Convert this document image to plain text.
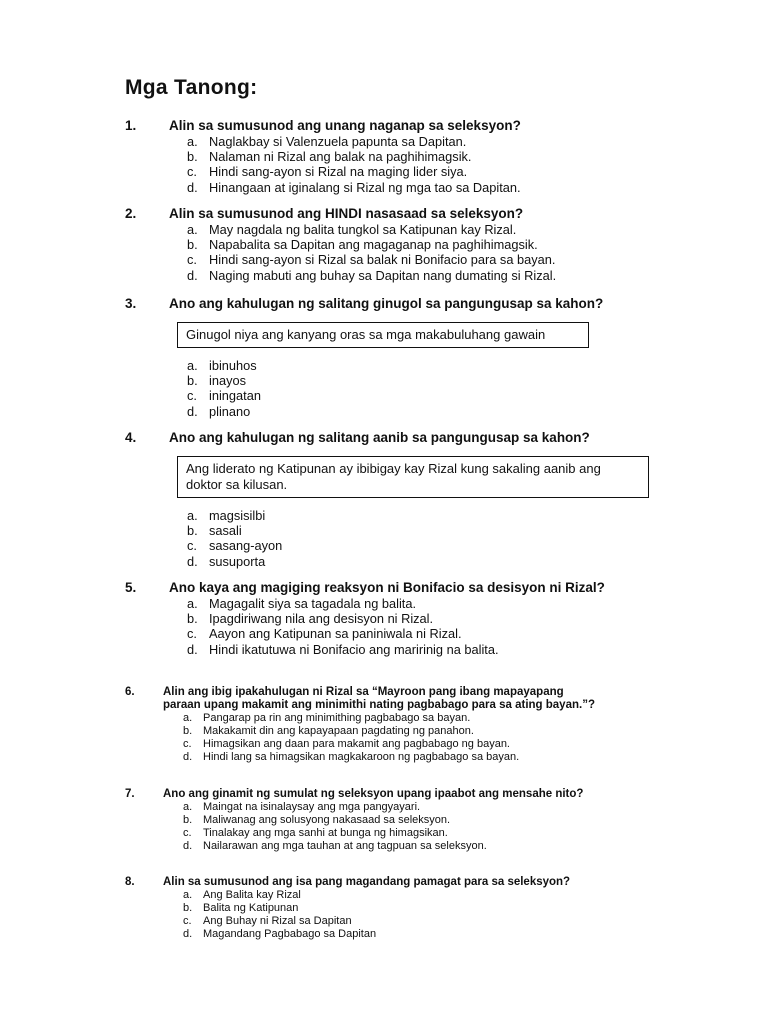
Mga Tanong:
1.	Alin sa sumusunod ang unang naganap sa seleksyon?
a. Naglakbay si Valenzuela papunta sa Dapitan.
b. Nalaman ni Rizal ang balak na paghihimagsik.
c. Hindi sang-ayon si Rizal na maging lider siya.
d. Hinangaan at iginalang si Rizal ng mga tao sa Dapitan.
2.	Alin sa sumusunod ang HINDI nasasaad sa seleksyon?
a. May nagdala ng balita tungkol sa Katipunan kay Rizal.
b. Napabalita sa Dapitan ang magaganap na paghihimagsik.
c. Hindi sang-ayon si Rizal sa balak ni Bonifacio para sa bayan.
d. Naging mabuti ang buhay sa Dapitan nang dumating si Rizal.
3.	Ano ang kahulugan ng salitang ginugol sa pangungusap sa kahon?
Ginugol niya ang kanyang oras sa mga makabuluhang gawain
a. ibinuhos
b. inayos
c. iningatan
d. plinano
4.	Ano ang kahulugan ng salitang aanib sa pangungusap sa kahon?
Ang liderato ng Katipunan ay ibibigay kay Rizal kung sakaling aanib ang doktor sa kilusan.
a. magsisilbi
b. sasali
c. sasang-ayon
d. susuporta
5.	Ano kaya ang magiging reaksyon ni Bonifacio sa desisyon ni Rizal?
a. Magagalit siya sa tagadala ng balita.
b. Ipagdiriwang nila ang desisyon ni Rizal.
c. Aayon ang Katipunan sa paniniwala ni Rizal.
d. Hindi ikatutuwa ni Bonifacio ang maririnig na balita.
6.	Alin ang ibig ipakahulugan ni Rizal sa “Mayroon pang ibang mapayapang paraan upang makamit ang minimithi nating pagbabago para sa ating bayan.”?
a. Pangarap pa rin ang minimithing pagbabago sa bayan.
b. Makakamit din ang kapayapaan pagdating ng panahon.
c.	Himagsikan ang daan para makamit ang pagbabago ng bayan.
d. Hindi lang sa himagsikan magkakaroon ng pagbabago sa bayan.
7.	Ano ang ginamit ng sumulat ng seleksyon upang ipaabot ang mensahe nito?
a. Maingat na isinalaysay ang mga pangyayari.
b. Maliwanag ang solusyong nakasaad sa seleksyon.
c.	Tinalakay ang mga sanhi at bunga ng himagsikan.
d. Nailarawan ang mga tauhan at ang tagpuan sa seleksyon.
8.	Alin sa sumusunod ang isa pang magandang pamagat para sa seleksyon?
a. Ang Balita kay Rizal
b. Balita ng Katipunan
c.	Ang Buhay ni Rizal sa Dapitan
d. Magandang Pagbabago sa Dapitan
